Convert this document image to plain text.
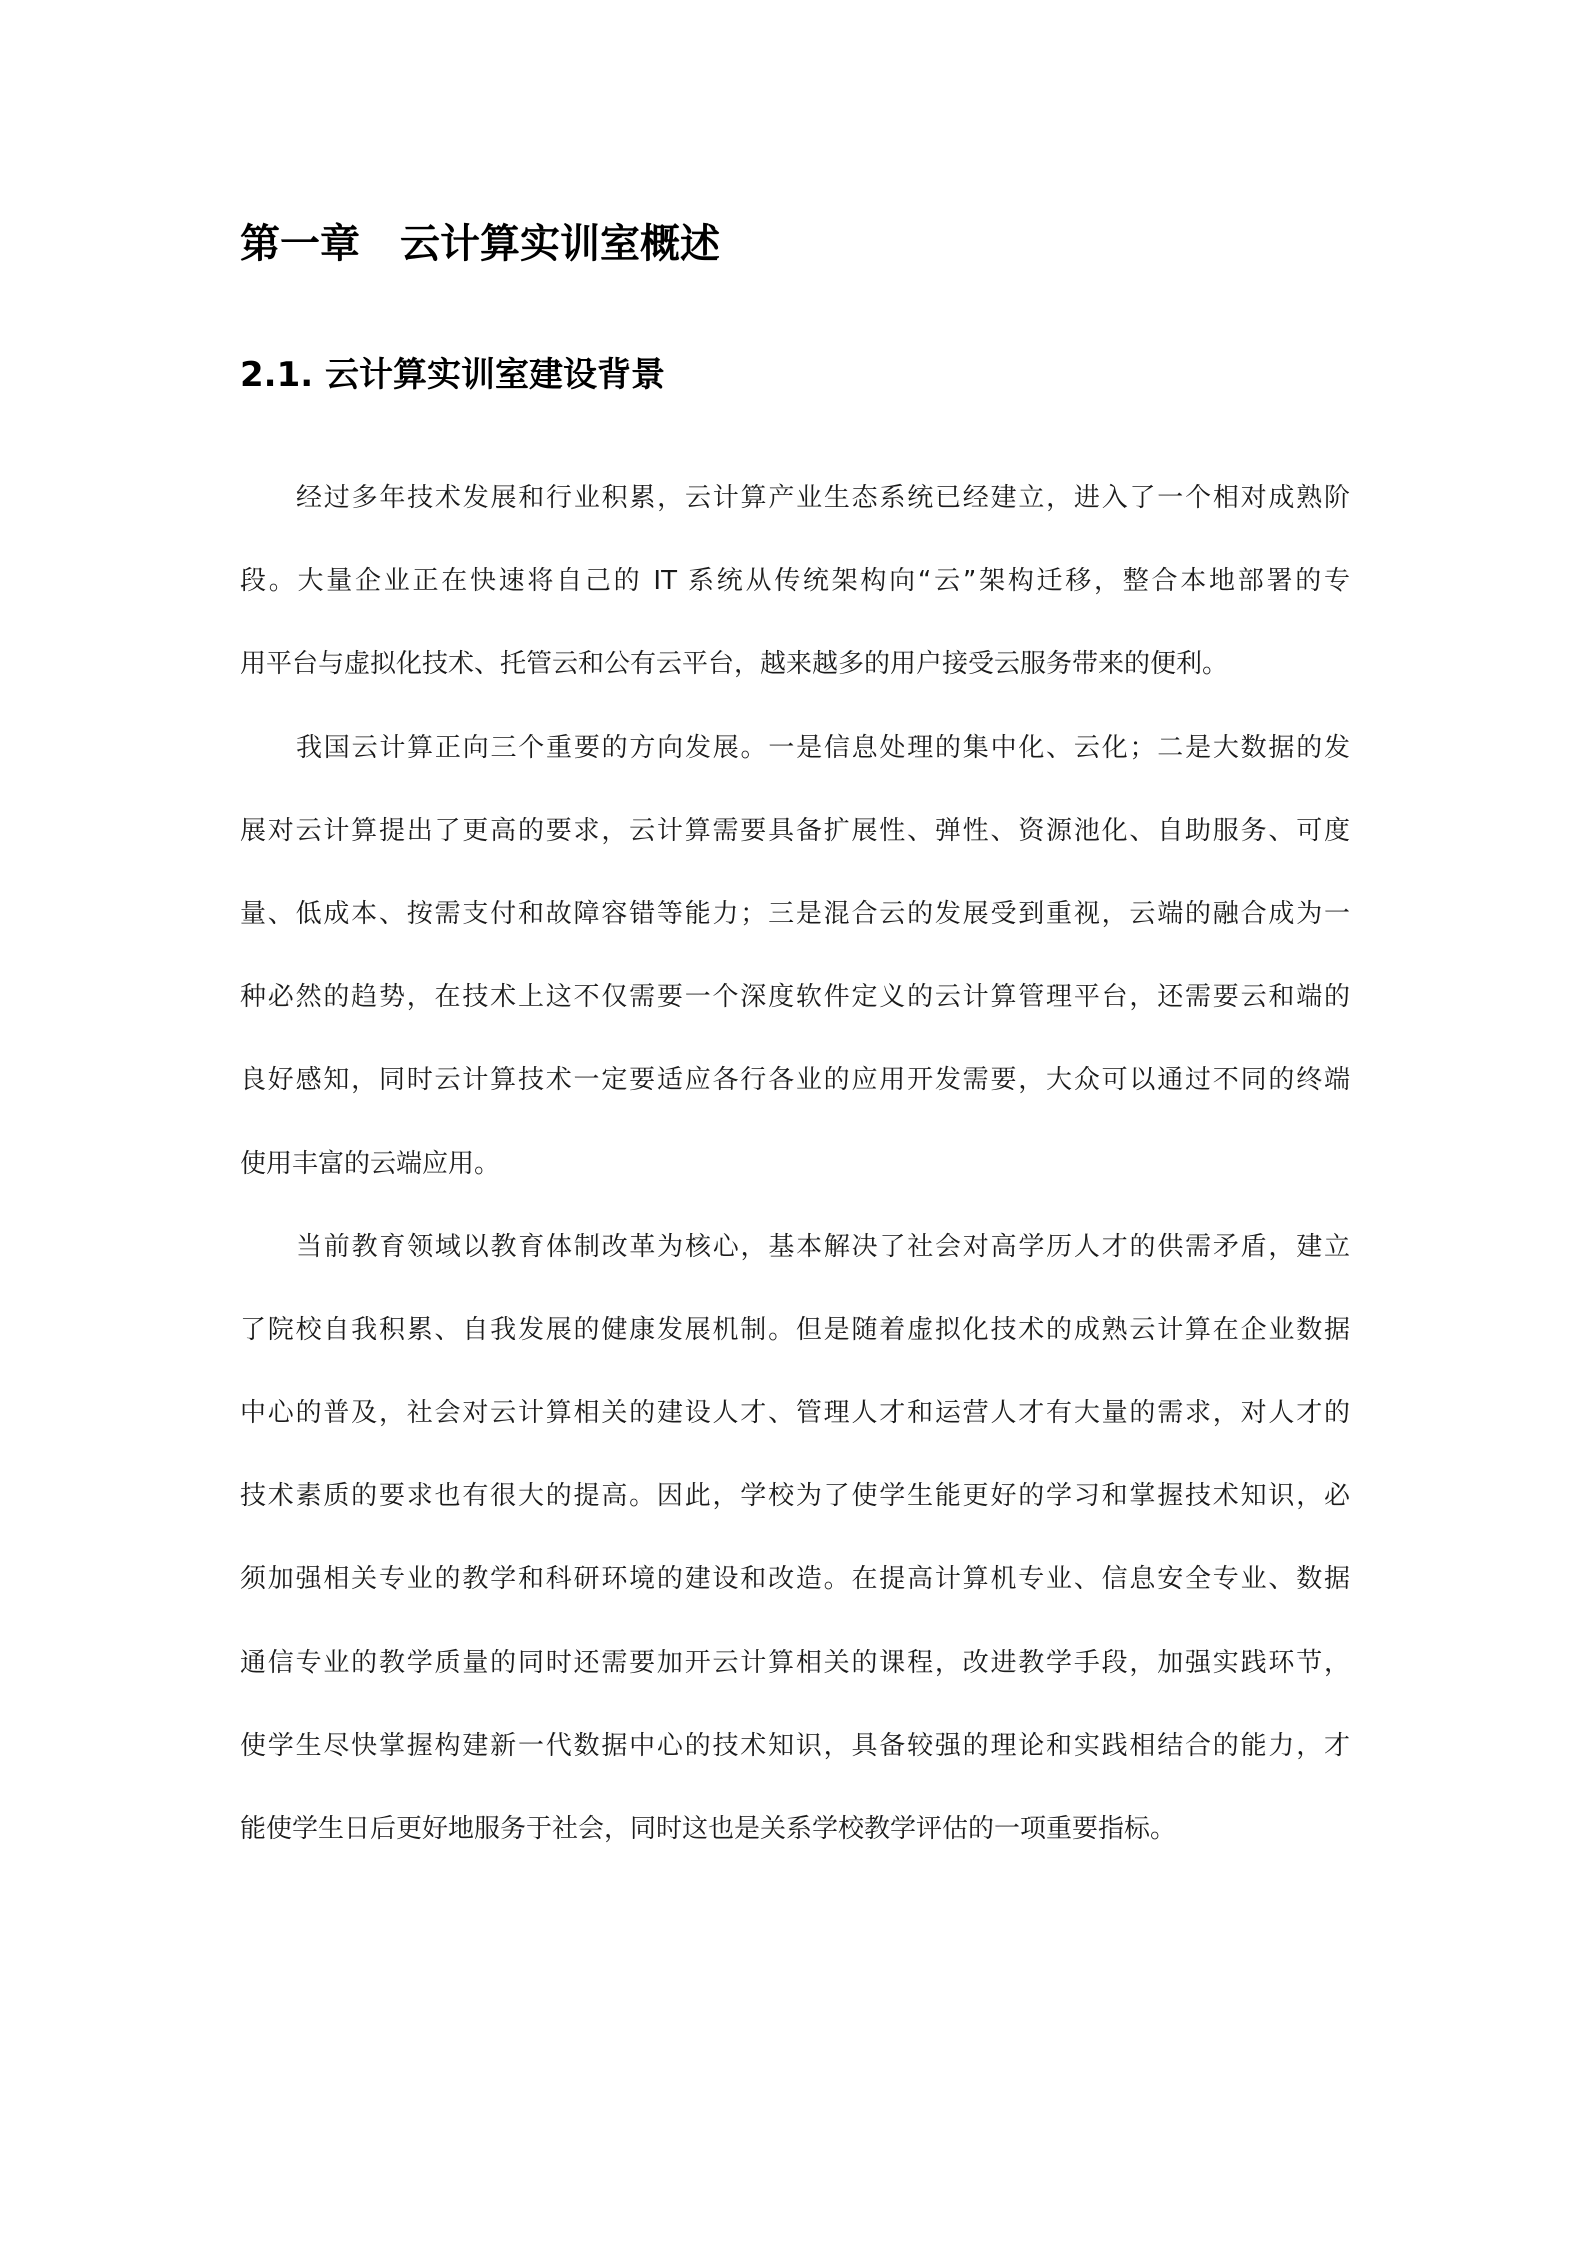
第一章 云计算实训室概述
2.1. 云计算实训室建设背景

经过多年技术发展和行业积累，云计算产业生态系统已经建立，进入了一个相对成熟阶
段。大量企业正在快速将自己的 IT 系统从传统架构向“云”架构迁移，整合本地部署的专
用平台与虚拟化技术、托管云和公有云平台，越来越多的用户接受云服务带来的便利。

我国云计算正向三个重要的方向发展。一是信息处理的集中化、云化；二是大数据的发
展对云计算提出了更高的要求，云计算需要具备扩展性、弹性、资源池化、自助服务、可度
量、低成本、按需支付和故障容错等能力；三是混合云的发展受到重视，云端的融合成为一
种必然的趋势，在技术上这不仅需要一个深度软件定义的云计算管理平台，还需要云和端的
良好感知，同时云计算技术一定要适应各行各业的应用开发需要，大众可以通过不同的终端
使用丰富的云端应用。

当前教育领域以教育体制改革为核心，基本解决了社会对高学历人才的供需矛盾，建立
了院校自我积累、自我发展的健康发展机制。但是随着虚拟化技术的成熟云计算在企业数据
中心的普及，社会对云计算相关的建设人才、管理人才和运营人才有大量的需求，对人才的
技术素质的要求也有很大的提高。因此，学校为了使学生能更好的学习和掌握技术知识，必
须加强相关专业的教学和科研环境的建设和改造。在提高计算机专业、信息安全专业、数据
通信专业的教学质量的同时还需要加开云计算相关的课程，改进教学手段，加强实践环节，
使学生尽快掌握构建新一代数据中心的技术知识，具备较强的理论和实践相结合的能力，才
能使学生日后更好地服务于社会，同时这也是关系学校教学评估的一项重要指标。
